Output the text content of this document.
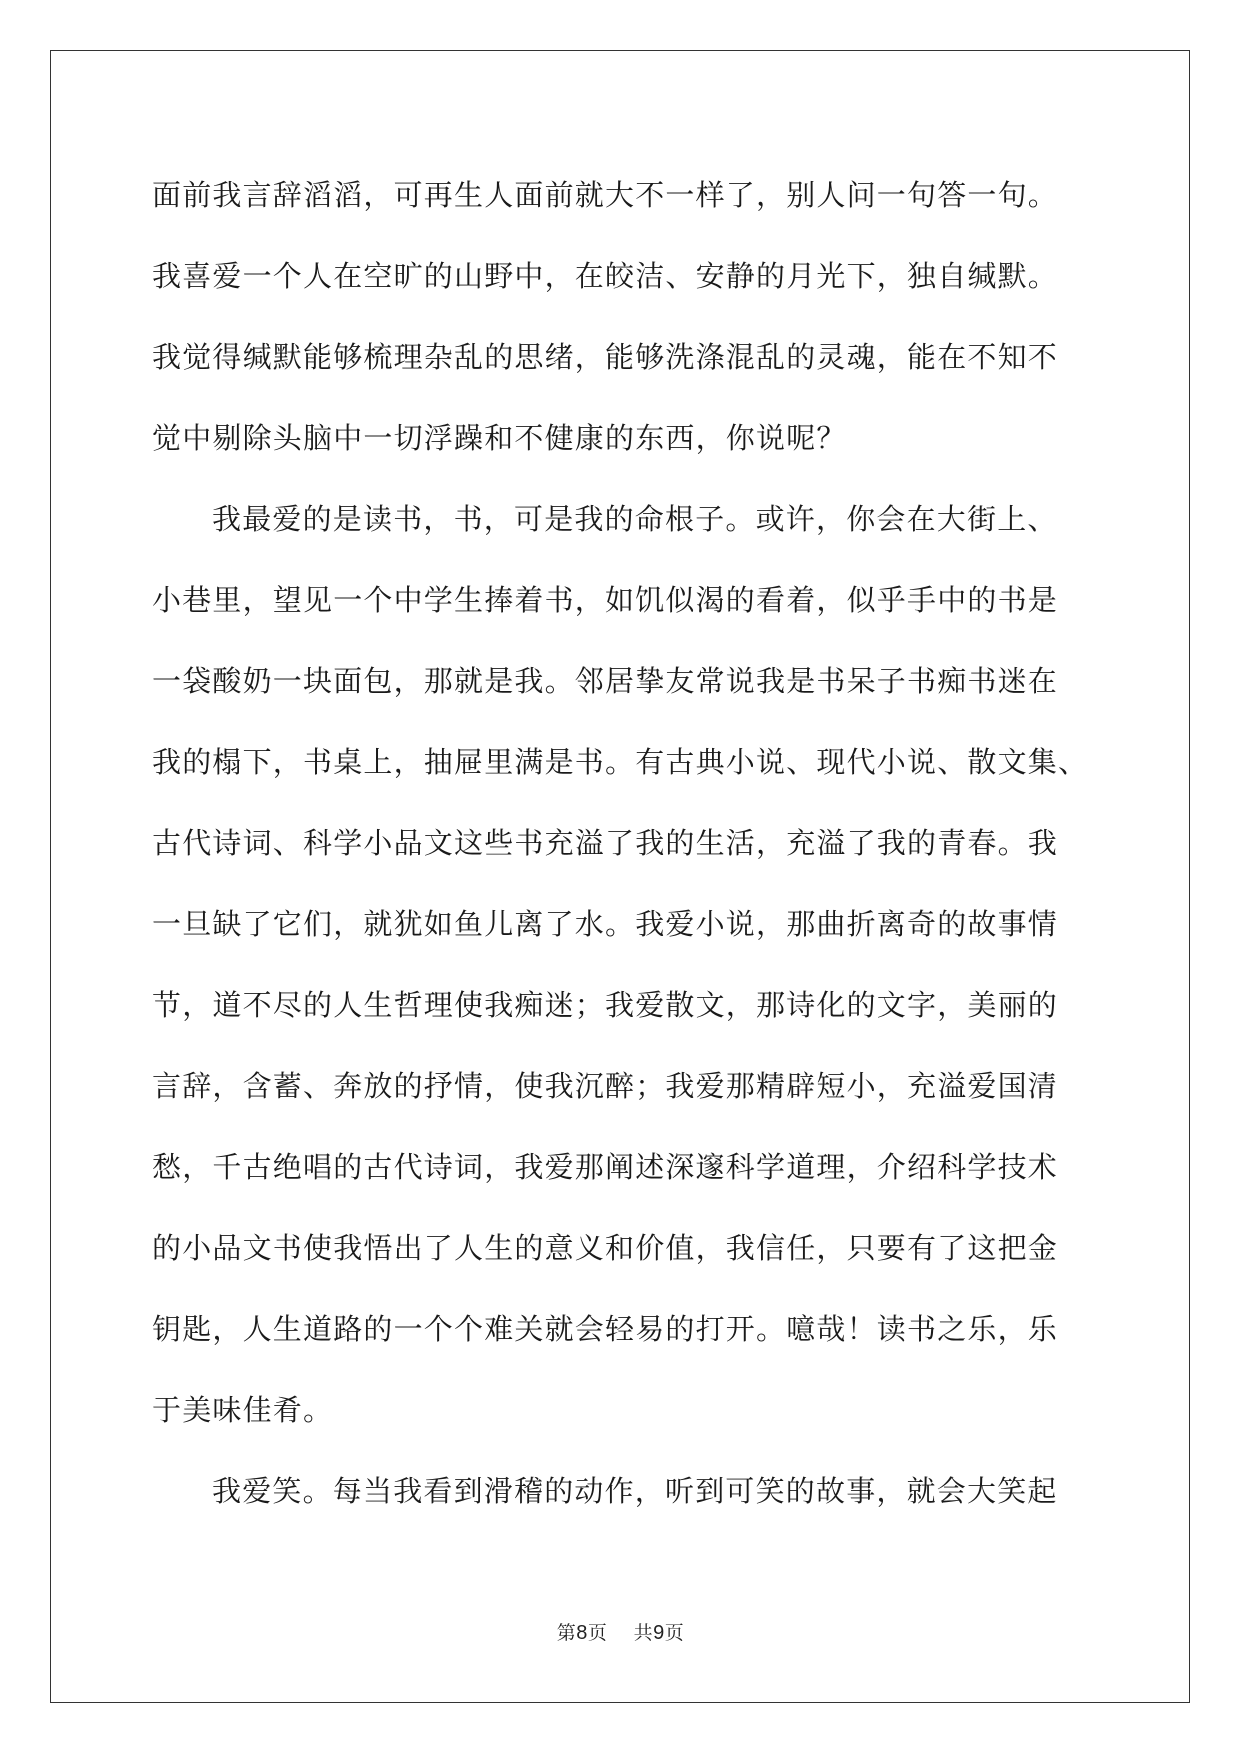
面前我言辞滔滔，可再生人面前就大不一样了，别人问一句答一句。
我喜爱一个人在空旷的山野中，在皎洁、安静的月光下，独自缄默。
我觉得缄默能够梳理杂乱的思绪，能够洗涤混乱的灵魂，能在不知不
觉中剔除头脑中一切浮躁和不健康的东西，你说呢？
我最爱的是读书，书，可是我的命根子。或许，你会在大街上、
小巷里，望见一个中学生捧着书，如饥似渴的看着，似乎手中的书是
一袋酸奶一块面包，那就是我。邻居挚友常说我是书呆子书痴书迷在
我的榻下，书桌上，抽屉里满是书。有古典小说、现代小说、散文集、
古代诗词、科学小品文这些书充溢了我的生活，充溢了我的青春。我
一旦缺了它们，就犹如鱼儿离了水。我爱小说，那曲折离奇的故事情
节，道不尽的人生哲理使我痴迷；我爱散文，那诗化的文字，美丽的
言辞，含蓄、奔放的抒情，使我沉醉；我爱那精辟短小，充溢爱国清
愁，千古绝唱的古代诗词，我爱那阐述深邃科学道理，介绍科学技术
的小品文书使我悟出了人生的意义和价值，我信任，只要有了这把金
钥匙，人生道路的一个个难关就会轻易的打开。噫哉！读书之乐，乐
于美味佳肴。
我爱笑。每当我看到滑稽的动作，听到可笑的故事，就会大笑起
第8页 共9页
